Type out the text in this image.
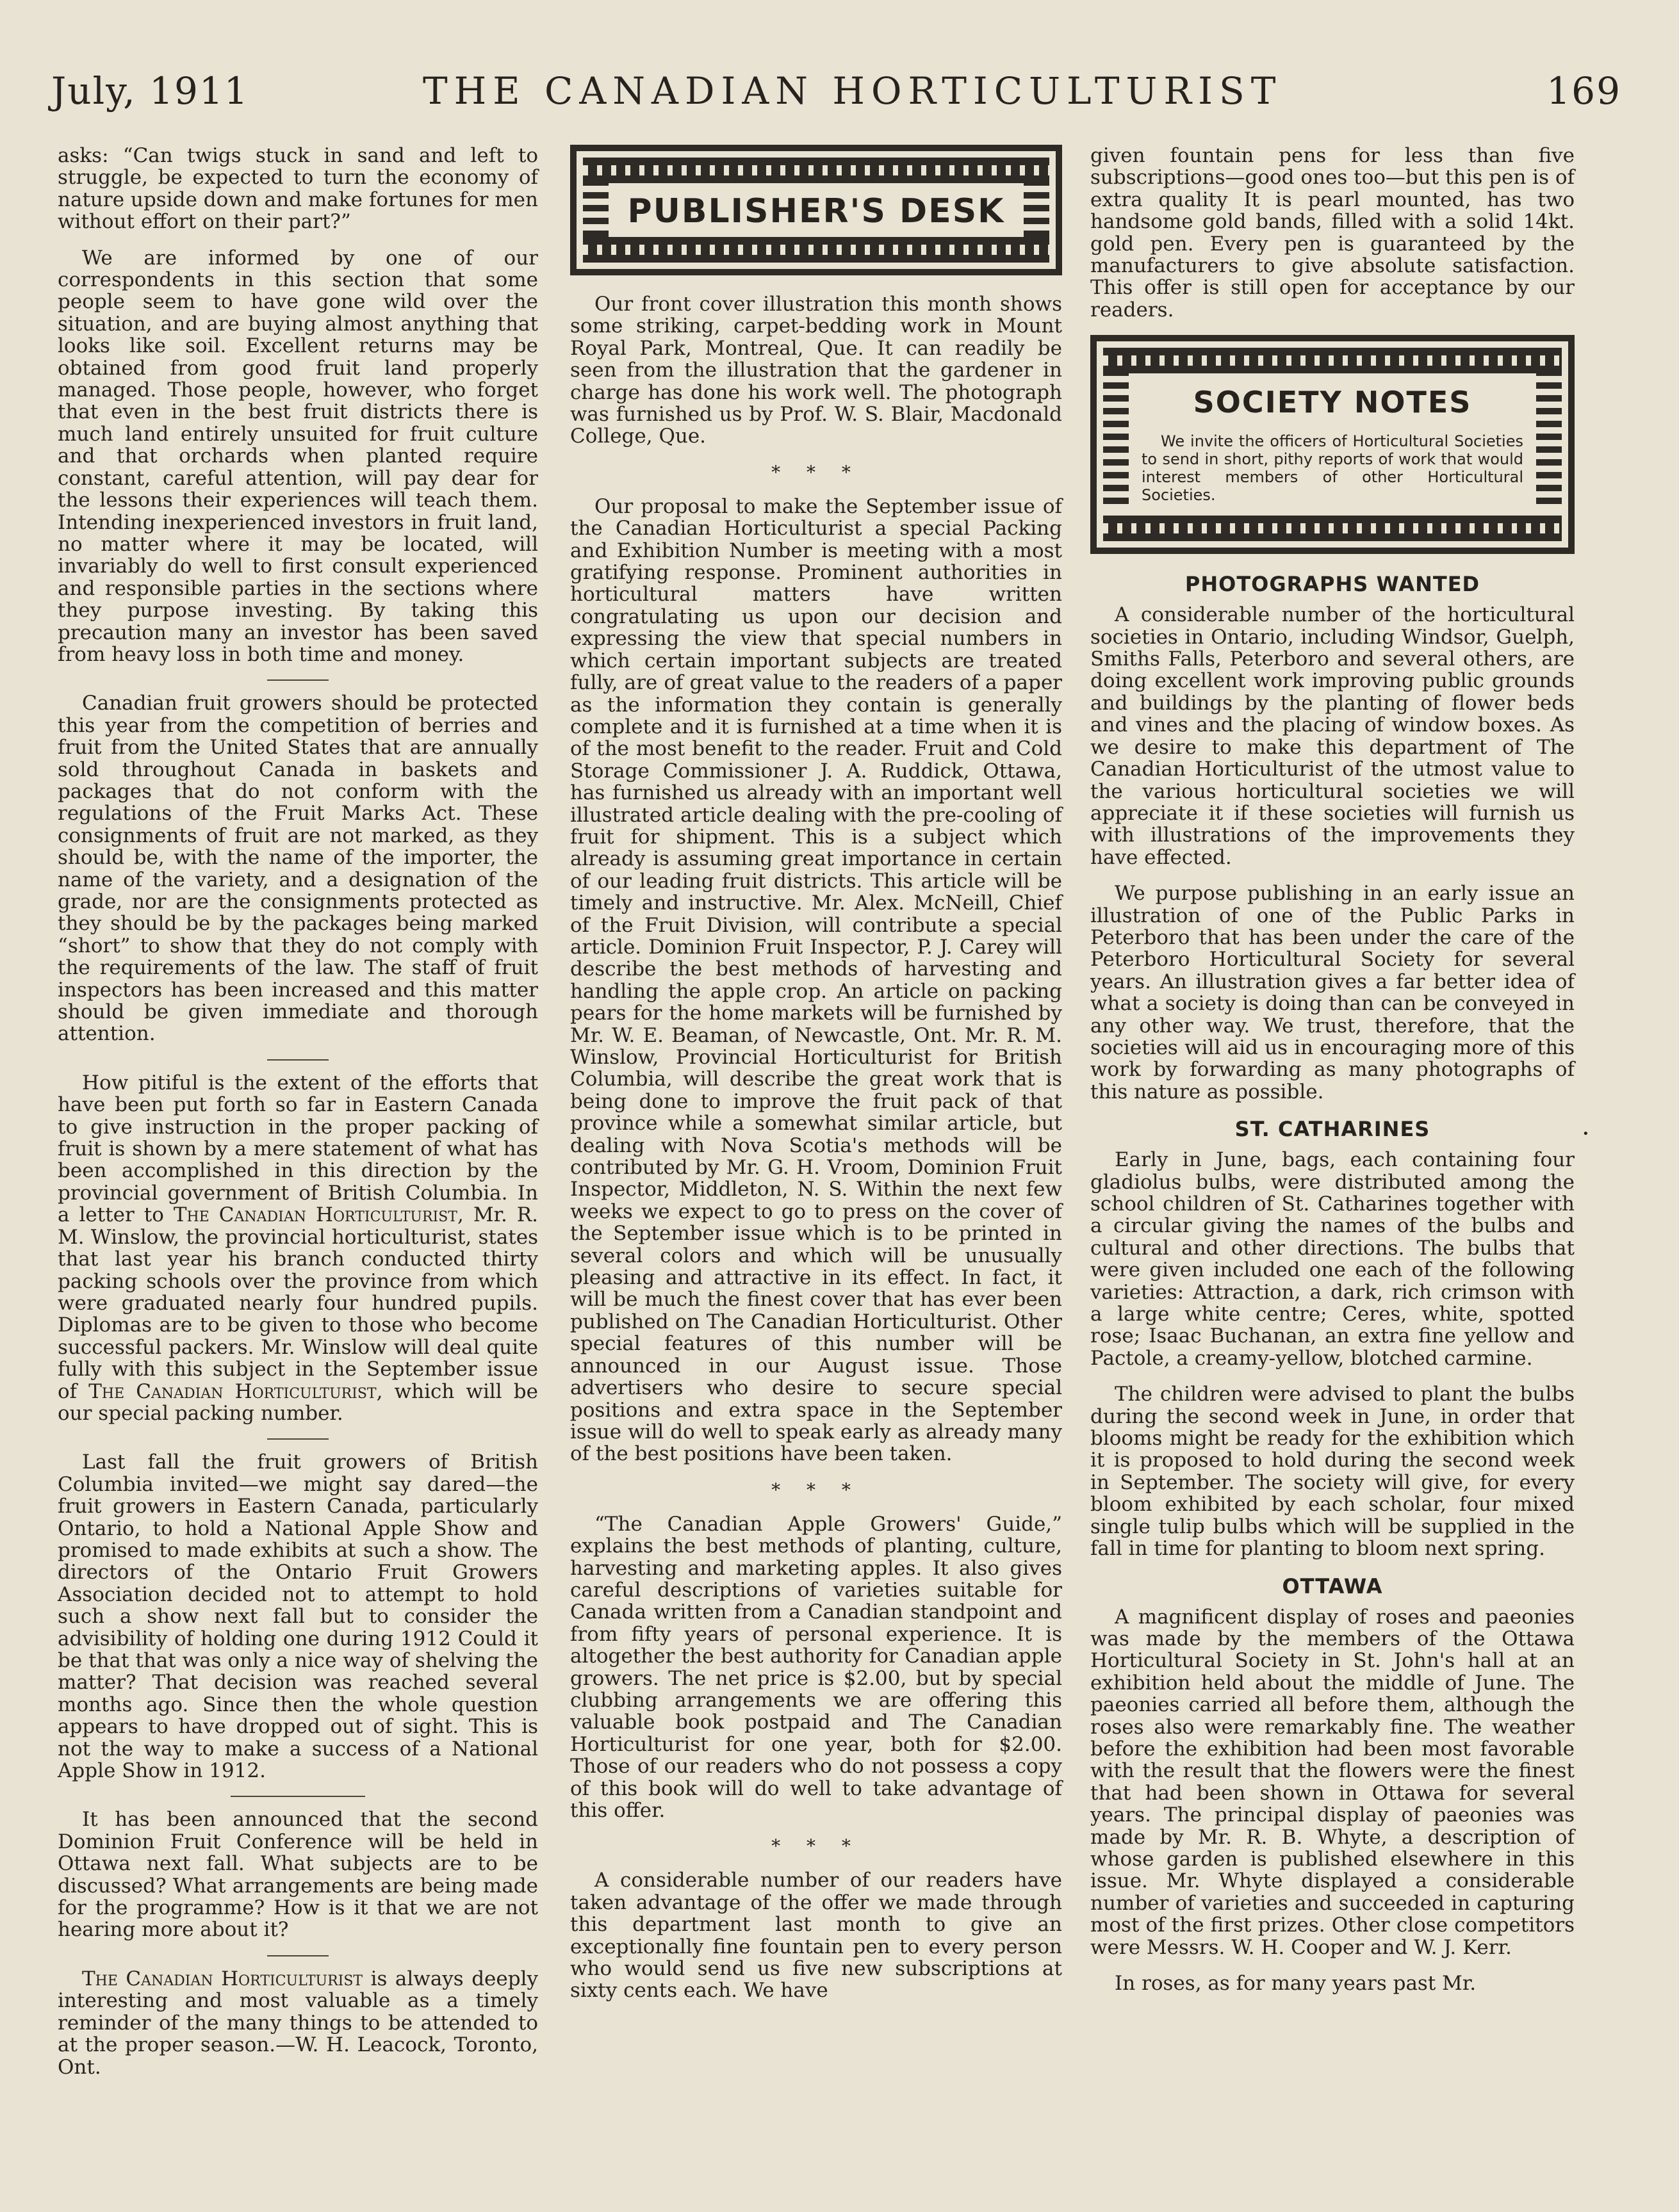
July, 1911	THE CANADIAN HORTICULTURIST	169

asks: “Can twigs stuck in sand and left to struggle, be expected to turn the economy of nature upside down and make fortunes for men without effort on their part?”

We are informed by one of our correspondents in this section that some people seem to have gone wild over the situation, and are buying almost anything that looks like soil. Excellent returns may be obtained from good fruit land properly managed. Those people, however, who forget that even in the best fruit districts there is much land entirely unsuited for fruit culture and that orchards when planted require constant, careful attention, will pay dear for the lessons their experiences will teach them. Intending inexperienced investors in fruit land, no matter where it may be located, will invariably do well to first consult experienced and responsible parties in the sections where they purpose investing. By taking this precaution many an investor has been saved from heavy loss in both time and money.

Canadian fruit growers should be protected this year from the competition of berries and fruit from the United States that are annually sold throughout Canada in baskets and packages that do not conform with the regulations of the Fruit Marks Act. These consignments of fruit are not marked, as they should be, with the name of the importer, the name of the variety, and a designation of the grade, nor are the consignments protected as they should be by the packages being marked “short” to show that they do not comply with the requirements of the law. The staff of fruit inspectors has been increased and this matter should be given immediate and thorough attention.

How pitiful is the extent of the efforts that have been put forth so far in Eastern Canada to give instruction in the proper packing of fruit is shown by a mere statement of what has been accomplished in this direction by the provincial government of British Columbia. In a letter to The Canadian Horticulturist, Mr. R. M. Winslow, the provincial horticulturist, states that last year his branch conducted thirty packing schools over the province from which were graduated nearly four hundred pupils. Diplomas are to be given to those who become successful packers. Mr. Winslow will deal quite fully with this subject in the September issue of The Canadian Horticulturist, which will be our special packing number.

Last fall the fruit growers of British Columbia invited—we might say dared—the fruit growers in Eastern Canada, particularly Ontario, to hold a National Apple Show and promised to made exhibits at such a show. The directors of the Ontario Fruit Growers Association decided not to attempt to hold such a show next fall but to consider the advisibility of holding one during 1912 Could it be that that was only a nice way of shelving the matter? That decision was reached several months ago. Since then the whole question appears to have dropped out of sight. This is not the way to make a success of a National Apple Show in 1912.

It has been announced that the second Dominion Fruit Conference will be held in Ottawa next fall. What subjects are to be discussed? What arrangements are being made for the programme? How is it that we are not hearing more about it?

The Canadian Horticulturist is always deeply interesting and most valuable as a timely reminder of the many things to be attended to at the proper season.—W. H. Leacock, Toronto, Ont.

PUBLISHER'S DESK

Our front cover illustration this month shows some striking, carpet-bedding work in Mount Royal Park, Montreal, Que. It can readily be seen from the illustration that the gardener in charge has done his work well. The photograph was furnished us by Prof. W. S. Blair, Macdonald College, Que.

* * *

Our proposal to make the September issue of the Canadian Horticulturist a special Packing and Exhibition Number is meeting with a most gratifying response. Prominent authorities in horticultural matters have written congratulating us upon our decision and expressing the view that special numbers in which certain important subjects are treated fully, are of great value to the readers of a paper as the information they contain is generally complete and it is furnished at a time when it is of the most benefit to the reader. Fruit and Cold Storage Commissioner J. A. Ruddick, Ottawa, has furnished us already with an important well illustrated article dealing with the pre-cooling of fruit for shipment. This is a subject which already is assuming great importance in certain of our leading fruit districts. This article will be timely and instructive. Mr. Alex. McNeill, Chief of the Fruit Division, will contribute a special article. Dominion Fruit Inspector, P. J. Carey will describe the best methods of harvesting and handling the apple crop. An article on packing pears for the home markets will be furnished by Mr. W. E. Beaman, of Newcastle, Ont. Mr. R. M. Winslow, Provincial Horticulturist for British Columbia, will describe the great work that is being done to improve the fruit pack of that province while a somewhat similar article, but dealing with Nova Scotia's methods will be contributed by Mr. G. H. Vroom, Dominion Fruit Inspector, Middleton, N. S. Within the next few weeks we expect to go to press on the cover of the September issue which is to be printed in several colors and which will be unusually pleasing and attractive in its effect. In fact, it will be much the finest cover that has ever been published on The Canadian Horticulturist. Other special features of this number will be announced in our August issue. Those advertisers who desire to secure special positions and extra space in the September issue will do well to speak early as already many of the best positions have been taken.

* * *

“The Canadian Apple Growers' Guide,” explains the best methods of planting, culture, harvesting and marketing apples. It also gives careful descriptions of varieties suitable for Canada written from a Canadian standpoint and from fifty years of personal experience. It is altogether the best authority for Canadian apple growers. The net price is $2.00, but by special clubbing arrangements we are offering this valuable book postpaid and The Canadian Horticulturist for one year, both for $2.00. Those of our readers who do not possess a copy of this book will do well to take advantage of this offer.

* * *

A considerable number of our readers have taken advantage of the offer we made through this department last month to give an exceptionally fine fountain pen to every person who would send us five new subscriptions at sixty cents each. We have

given fountain pens for less than five subscriptions—good ones too—but this pen is of extra quality It is pearl mounted, has two handsome gold bands, filled with a solid 14kt. gold pen. Every pen is guaranteed by the manufacturers to give absolute satisfaction. This offer is still open for acceptance by our readers.

SOCIETY NOTES

We invite the officers of Horticultural Societies to send in short, pithy reports of work that would interest members of other Horticultural Societies.

PHOTOGRAPHS WANTED

A considerable number of the horticultural societies in Ontario, including Windsor, Guelph, Smiths Falls, Peterboro and several others, are doing excellent work improving public grounds and buildings by the planting of flower beds and vines and the placing of window boxes. As we desire to make this department of The Canadian Horticulturist of the utmost value to the various horticultural societies we will appreciate it if these societies will furnish us with illustrations of the improvements they have effected.

We purpose publishing in an early issue an illustration of one of the Public Parks in Peterboro that has been under the care of the Peterboro Horticultural Society for several years. An illustration gives a far better idea of what a society is doing than can be conveyed in any other way. We trust, therefore, that the societies will aid us in encouraging more of this work by forwarding as many photographs of this nature as possible.

ST. CATHARINES

Early in June, bags, each containing four gladiolus bulbs, were distributed among the school children of St. Catharines together with a circular giving the names of the bulbs and cultural and other directions. The bulbs that were given included one each of the following varieties: Attraction, a dark, rich crimson with a large white centre; Ceres, white, spotted rose; Isaac Buchanan, an extra fine yellow and Pactole, a creamy-yellow, blotched carmine.

The children were advised to plant the bulbs during the second week in June, in order that blooms might be ready for the exhibition which it is proposed to hold during the second week in September. The society will give, for every bloom exhibited by each scholar, four mixed single tulip bulbs which will be supplied in the fall in time for planting to bloom next spring.

OTTAWA

A magnificent display of roses and paeonies was made by the members of the Ottawa Horticultural Society in St. John's hall at an exhibition held about the middle of June. The paeonies carried all before them, although the roses also were remarkably fine. The weather before the exhibition had been most favorable with the result that the flowers were the finest that had been shown in Ottawa for several years. The principal display of paeonies was made by Mr. R. B. Whyte, a description of whose garden is published elsewhere in this issue. Mr. Whyte displayed a considerable number of varieties and succeeded in capturing most of the first prizes. Other close competitors were Messrs. W. H. Cooper and W. J. Kerr.

In roses, as for many years past Mr.

•
